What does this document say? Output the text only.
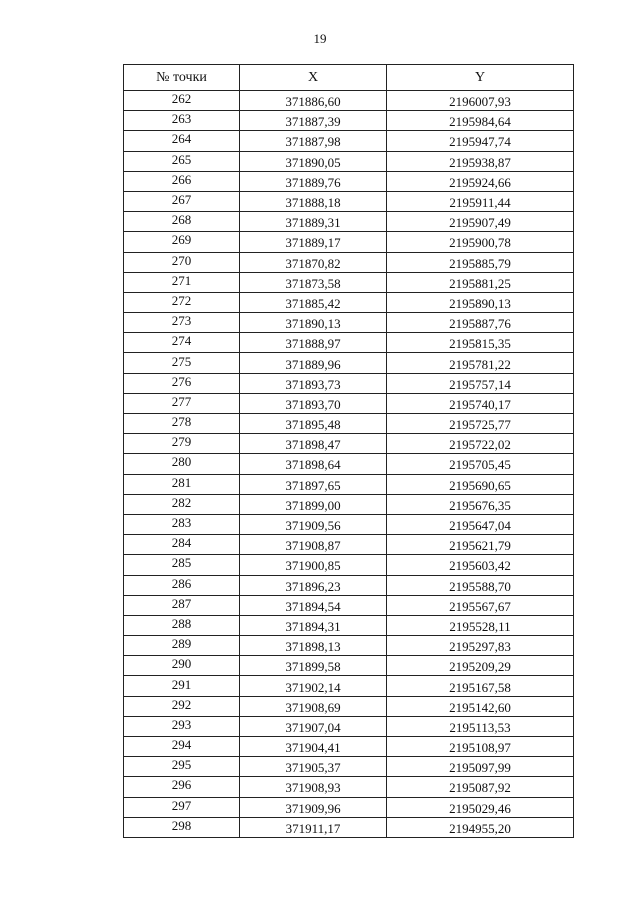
19
№ точки	X	Y
262	371886,60	2196007,93
263	371887,39	2195984,64
264	371887,98	2195947,74
265	371890,05	2195938,87
266	371889,76	2195924,66
267	371888,18	2195911,44
268	371889,31	2195907,49
269	371889,17	2195900,78
270	371870,82	2195885,79
271	371873,58	2195881,25
272	371885,42	2195890,13
273	371890,13	2195887,76
274	371888,97	2195815,35
275	371889,96	2195781,22
276	371893,73	2195757,14
277	371893,70	2195740,17
278	371895,48	2195725,77
279	371898,47	2195722,02
280	371898,64	2195705,45
281	371897,65	2195690,65
282	371899,00	2195676,35
283	371909,56	2195647,04
284	371908,87	2195621,79
285	371900,85	2195603,42
286	371896,23	2195588,70
287	371894,54	2195567,67
288	371894,31	2195528,11
289	371898,13	2195297,83
290	371899,58	2195209,29
291	371902,14	2195167,58
292	371908,69	2195142,60
293	371907,04	2195113,53
294	371904,41	2195108,97
295	371905,37	2195097,99
296	371908,93	2195087,92
297	371909,96	2195029,46
298	371911,17	2194955,20
